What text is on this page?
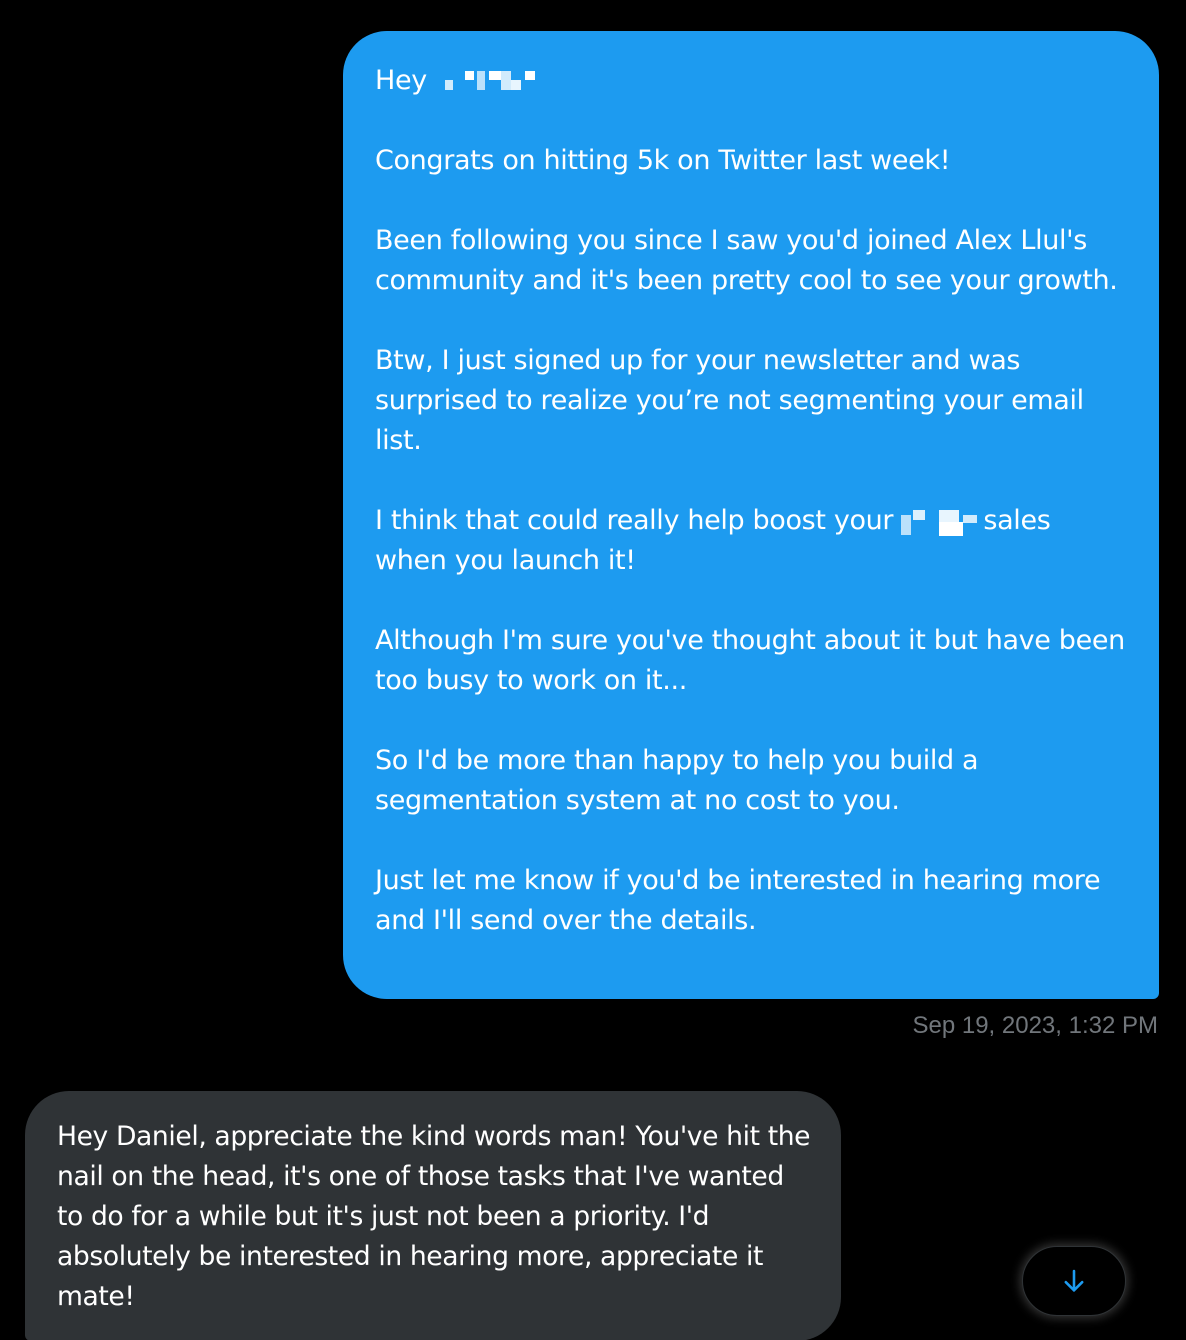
Hey

Congrats on hitting 5k on Twitter last week!

Been following you since I saw you'd joined Alex Llul's community and it's been pretty cool to see your growth.

Btw, I just signed up for your newsletter and was surprised to realize you’re not segmenting your email list.

I think that could really help boost your	sales when you launch it!

Although I'm sure you've thought about it but have been too busy to work on it...

So I'd be more than happy to help you build a segmentation system at no cost to you.

Just let me know if you'd be interested in hearing more and I'll send over the details.

Sep 19, 2023, 1:32 PM

Hey Daniel, appreciate the kind words man! You've hit the nail on the head, it's one of those tasks that I've wanted to do for a while but it's just not been a priority. I'd absolutely be interested in hearing more, appreciate it mate!
